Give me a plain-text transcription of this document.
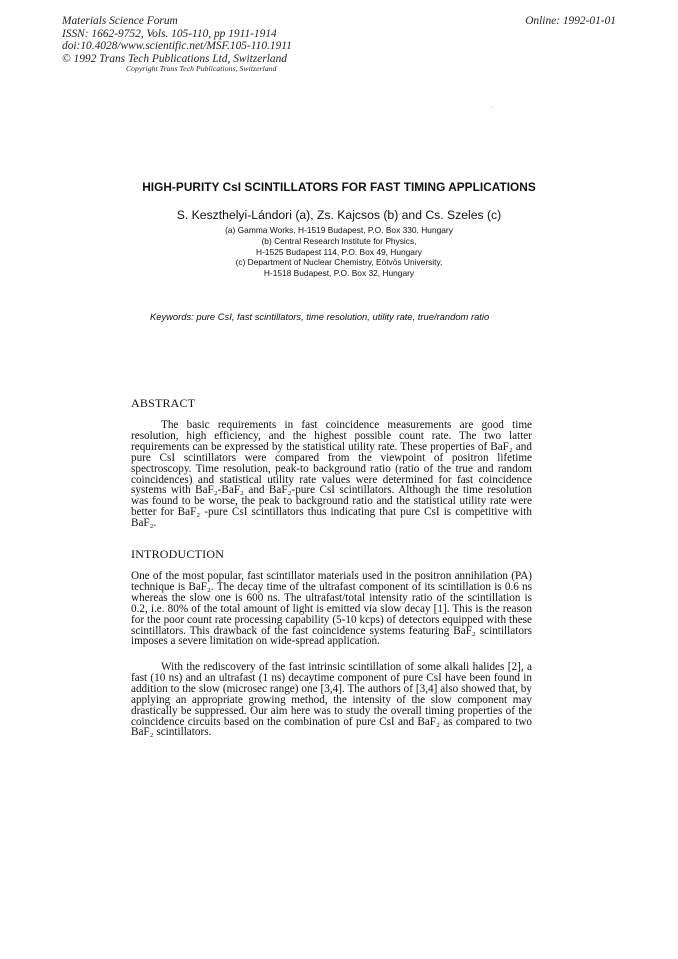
Materials Science Forum
ISSN: 1662-9752, Vols. 105-110, pp 1911-1914
doi:10.4028/www.scientific.net/MSF.105-110.1911
© 1992 Trans Tech Publications Ltd, Switzerland
Online: 1992-01-01
Copyright Trans Tech Publications, Switzerland
HIGH-PURITY CsI SCINTILLATORS FOR FAST TIMING APPLICATIONS
S. Keszthelyi-Lándori (a), Zs. Kajcsos (b) and Cs. Szeles (c)
(a) Gamma Works, H-1519 Budapest, P.O. Box 330, Hungary
(b) Central Research Institute for Physics,
H-1525 Budapest 114, P.O. Box 49, Hungary
(c) Department of Nuclear Chemistry, Eötvös University,
H-1518 Budapest, P.O. Box 32, Hungary
Keywords: pure CsI, fast scintillators, time resolution, utility rate, true/random ratio
ABSTRACT
The basic requirements in fast coincidence measurements are good time resolution, high efficiency, and the highest possible count rate. The two latter requirements can be expressed by the statistical utility rate. These properties of BaF₂ and pure CsI scintillators were compared from the viewpoint of positron lifetime spectroscopy. Time resolution, peak-to background ratio (ratio of the true and random coincidences) and statistical utility rate values were determined for fast coincidence systems with BaF₂-BaF₂ and BaF₂-pure CsI scintillators. Although the time resolution was found to be worse, the peak to background ratio and the statistical utility rate were better for BaF₂ -pure CsI scintillators thus indicating that pure CsI is competitive with BaF₂.
INTRODUCTION
One of the most popular, fast scintillator materials used in the positron annihilation (PA) technique is BaF₂. The decay time of the ultrafast component of its scintillation is 0.6 ns whereas the slow one is 600 ns. The ultrafast/total intensity ratio of the scintillation is 0.2, i.e. 80% of the total amount of light is emitted via slow decay [1]. This is the reason for the poor count rate processing capability (5-10 kcps) of detectors equipped with these scintillators. This drawback of the fast coincidence systems featuring BaF₂ scintillators imposes a severe limitation on wide-spread application.
With the rediscovery of the fast intrinsic scintillation of some alkali halides [2], a fast (10 ns) and an ultrafast (1 ns) decaytime component of pure CsI have been found in addition to the slow (microsec range) one [3,4]. The authors of [3,4] also showed that, by applying an appropriate growing method, the intensity of the slow component may drastically be suppressed. Our aim here was to study the overall timing properties of the coincidence circuits based on the combination of pure CsI and BaF₂ as compared to two BaF₂ scintillators.
